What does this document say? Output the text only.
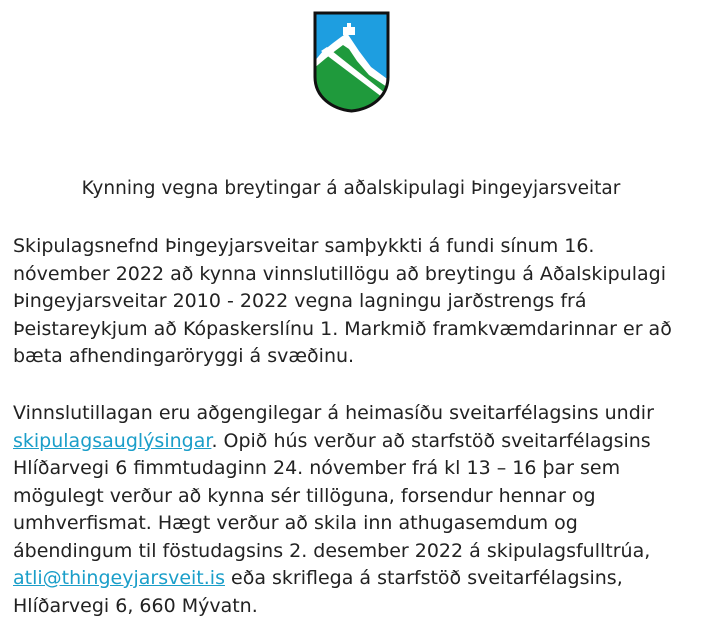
Kynning vegna breytingar á aðalskipulagi Þingeyjarsveitar

Skipulagsnefnd Þingeyjarsveitar samþykkti á fundi sínum 16. nóvember 2022 að kynna vinnslutillögu að breytingu á Aðalskipulagi Þingeyjarsveitar 2010 - 2022 vegna lagningu jarðstrengs frá Þeistareykjum að Kópaskerslínu 1. Markmið framkvæmdarinnar er að bæta afhendingaröryggi á svæðinu.

Vinnslutillagan eru aðgengilegar á heimasíðu sveitarfélagsins undir skipulagsauglýsingar. Opið hús verður að starfstöð sveitarfélagsins Hlíðarvegi 6 fimmtudaginn 24. nóvember frá kl 13 – 16 þar sem mögulegt verður að kynna sér tillöguna, forsendur hennar og umhverfismat. Hægt verður að skila inn athugasemdum og ábendingum til föstudagsins 2. desember 2022 á skipulagsfulltrúa, atli@thingeyjarsveit.is eða skriflega á starfstöð sveitarfélagsins, Hlíðarvegi 6, 660 Mývatn.
